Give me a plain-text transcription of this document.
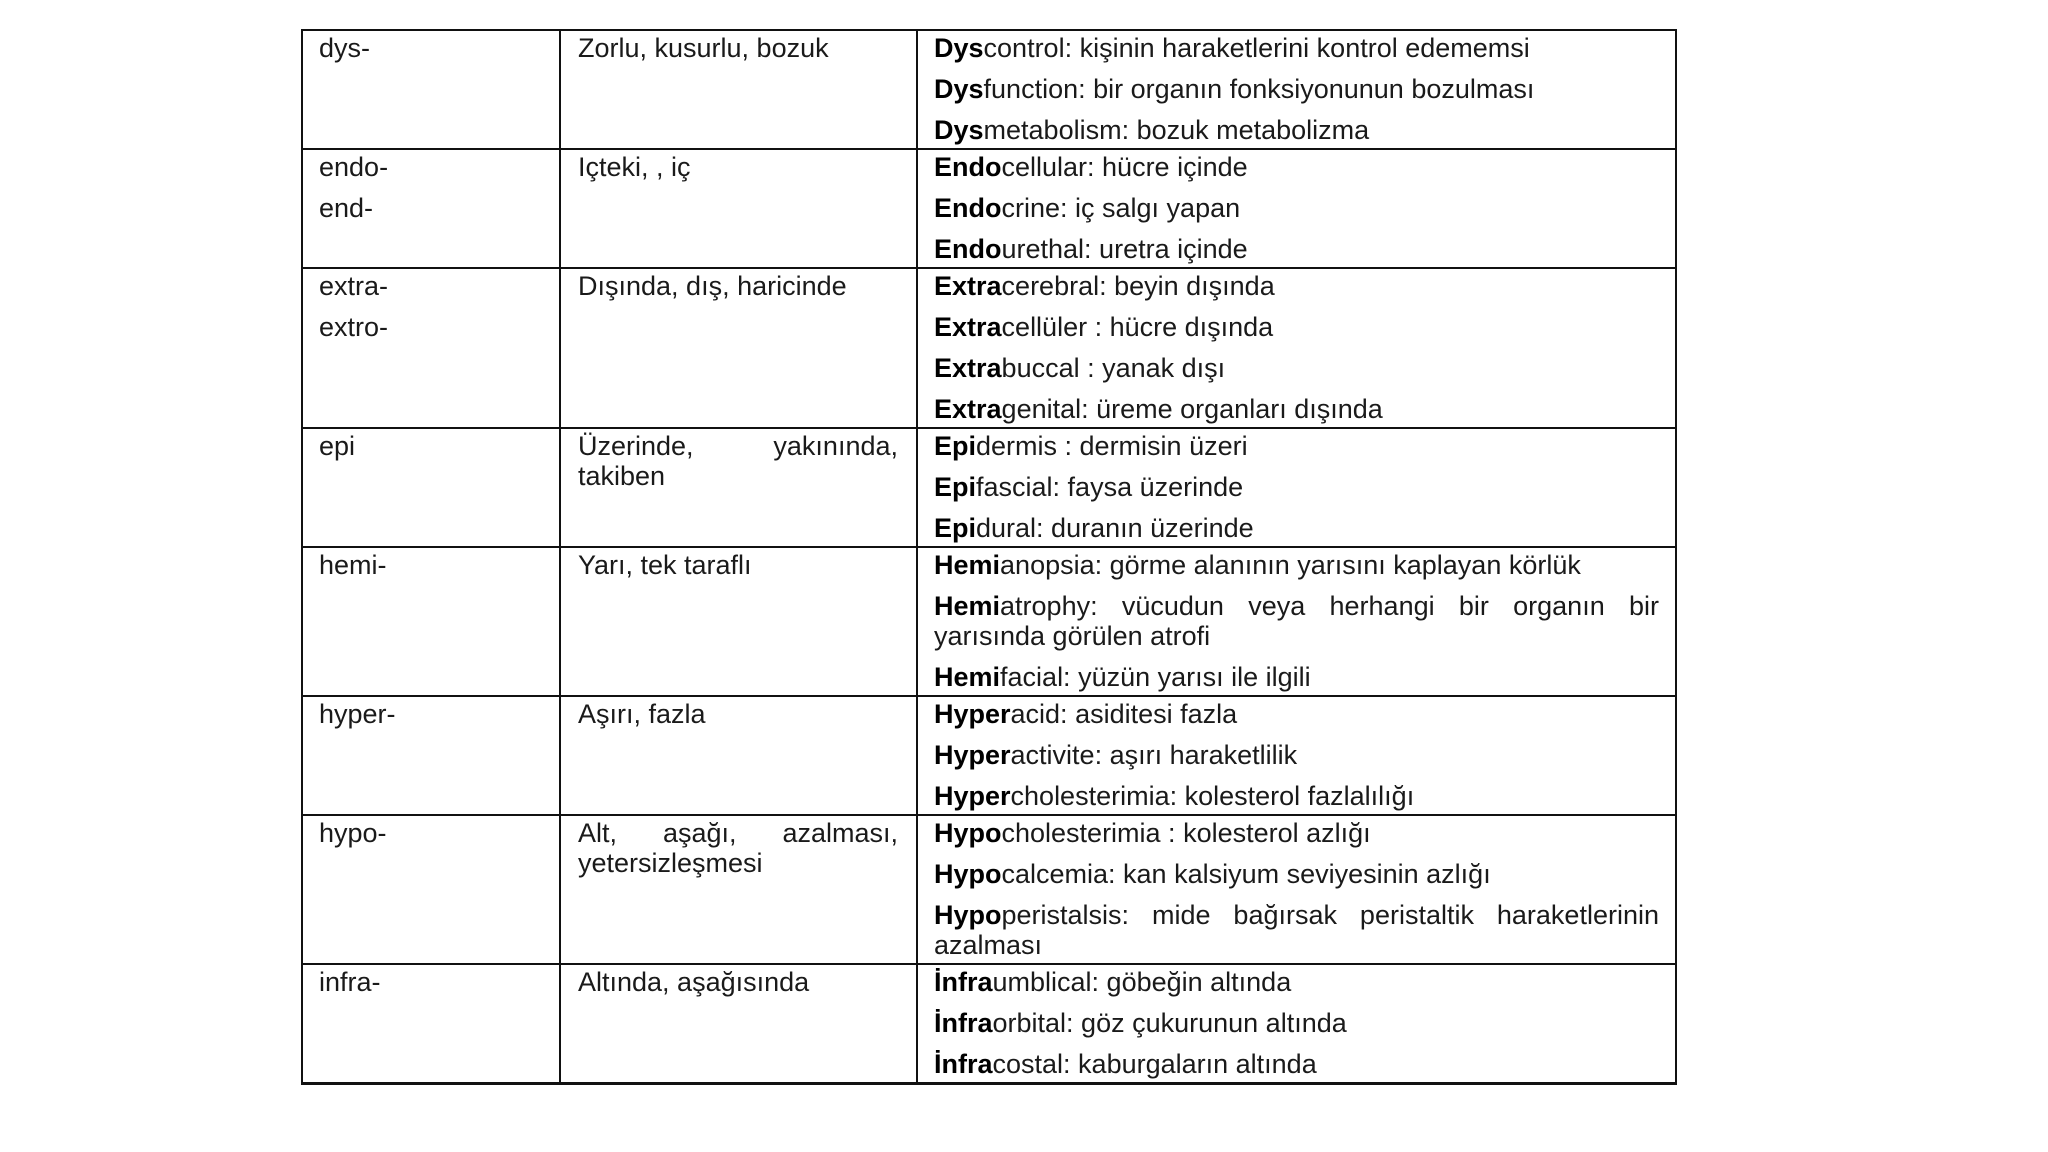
dys-	Zorlu, kusurlu, bozuk	Dyscontrol: kişinin haraketlerini kontrol edememsi
Dysfunction: bir organın fonksiyonunun bozulması
Dysmetabolism: bozuk metabolizma

endo-
end-	Içteki, , iç	Endocellular: hücre içinde
Endocrine: iç salgı yapan
Endourethal: uretra içinde

extra-
extro-	Dışında, dış, haricinde	Extracerebral: beyin dışında
Extracellüler : hücre dışında
Extrabuccal : yanak dışı
Extragenital: üreme organları dışında

epi	Üzerinde, yakınında, takiben	Epidermis : dermisin üzeri
Epifascial: faysa üzerinde
Epidural: duranın üzerinde

hemi-	Yarı, tek taraflı	Hemianopsia: görme alanının yarısını kaplayan körlük
Hemiatrophy: vücudun veya herhangi bir organın bir yarısında görülen atrofi
Hemifacial: yüzün yarısı ile ilgili

hyper-	Aşırı, fazla	Hyperacid: asiditesi fazla
Hyperactivite: aşırı haraketlilik
Hypercholesterimia: kolesterol fazlalılığı

hypo-	Alt, aşağı, azalması, yetersizleşmesi	Hypocholesterimia : kolesterol azlığı
Hypocalcemia: kan kalsiyum seviyesinin azlığı
Hypoperistalsis: mide bağırsak peristaltik haraketlerinin azalması

infra-	Altında, aşağısında	İnfraumblical: göbeğin altında
İnfraorbital: göz çukurunun altında
İnfracostal: kaburgaların altında
